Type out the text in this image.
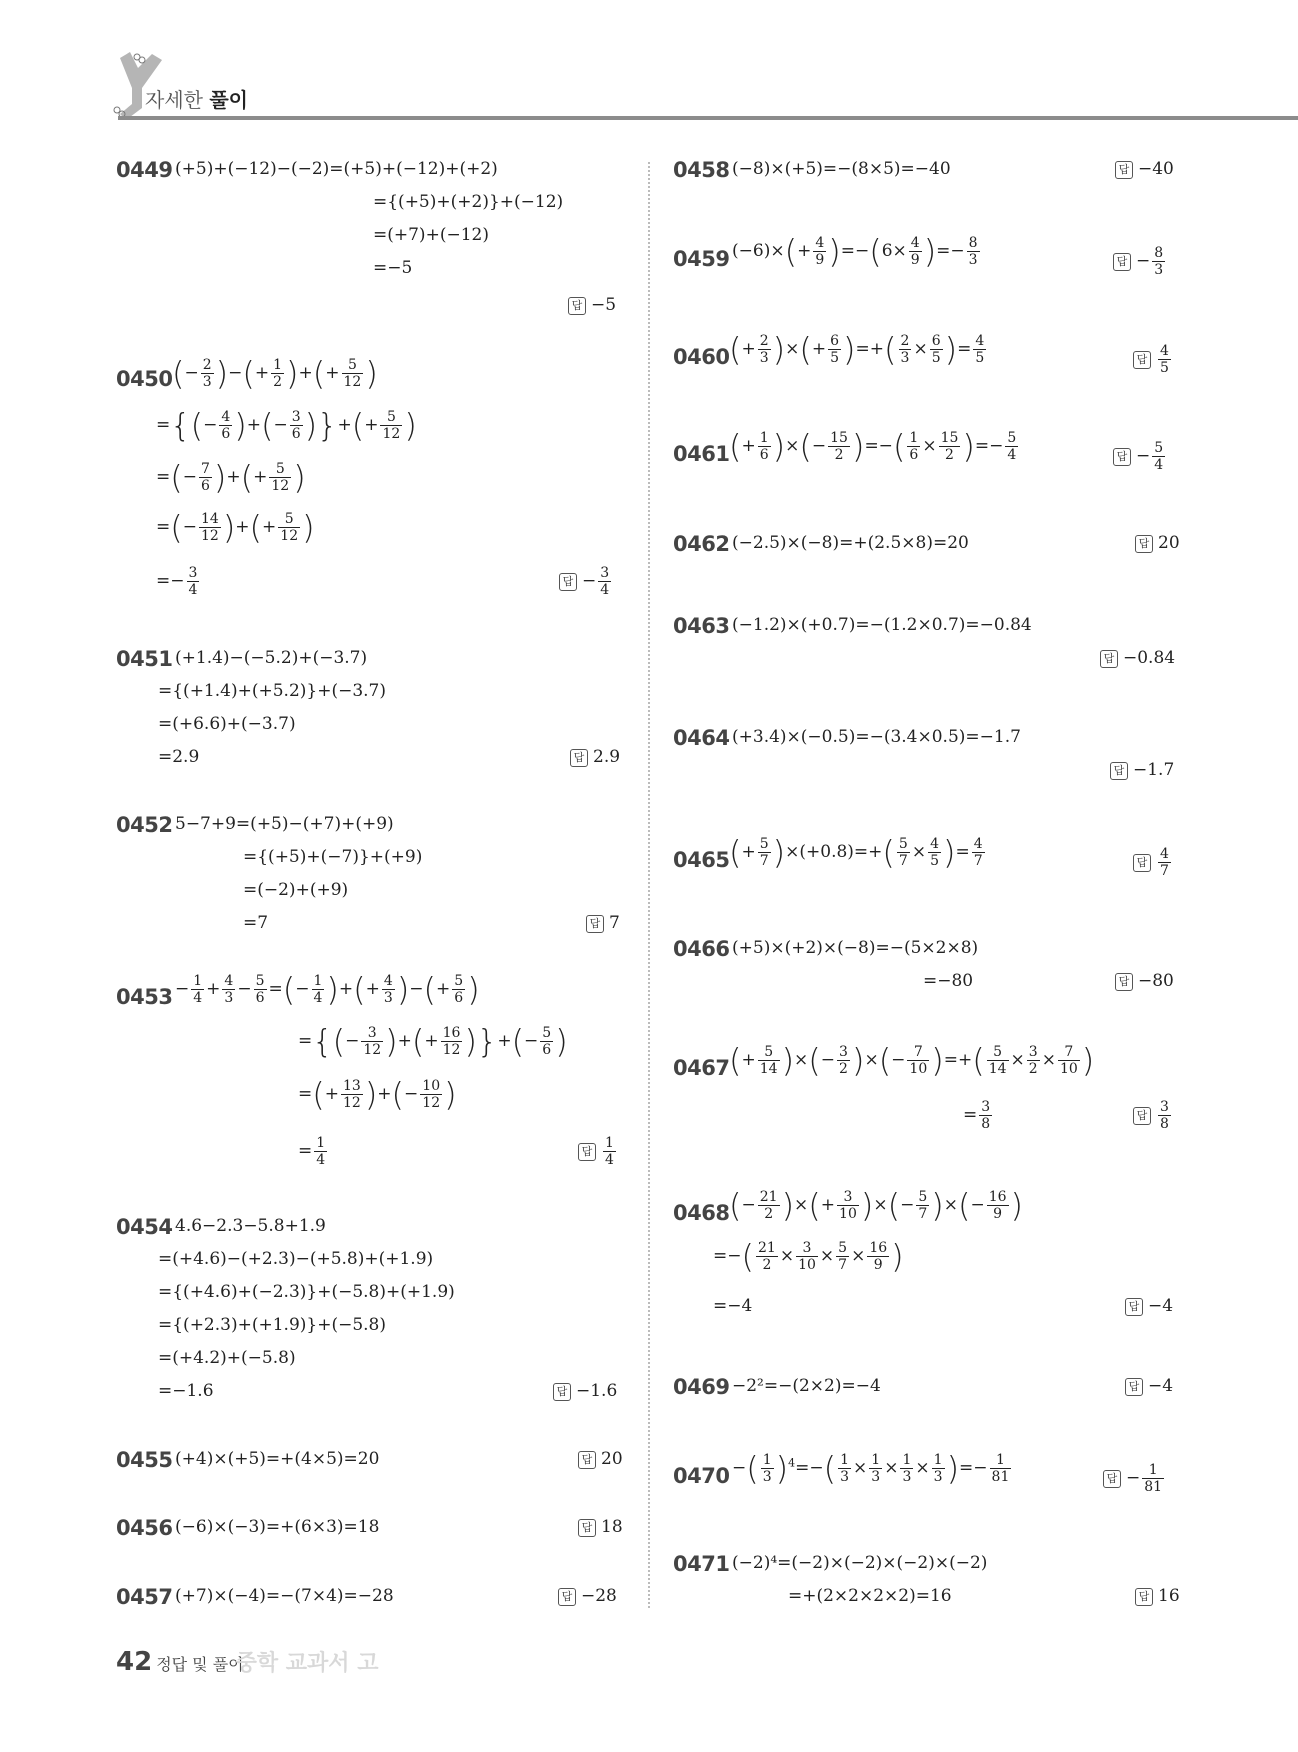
자세한 풀이
0449 (+5)+(−12)−(−2)=(+5)+(−12)+(+2)
={(+5)+(+2)}+(−12)
=(+7)+(−12)
=−5
답 −5
0450 (− $\frac{2}{3}$ )−(+ $\frac{1}{2}$ )+(+ $\frac{5}{12}$ )
={(− $\frac{4}{6}$ )+(− $\frac{3}{6}$ )}+(+ $\frac{5}{12}$ )
=(− $\frac{7}{6}$ )+(+ $\frac{5}{12}$ )
=(− $\frac{14}{12}$ )+(+ $\frac{5}{12}$ )
=− $\frac{3}{4}$	답 − $\frac{3}{4}$
0451 (+1.4)−(−5.2)+(−3.7)
={(+1.4)+(+5.2)}+(−3.7)
=(+6.6)+(−3.7)
=2.9	답 2.9
0452 5−7+9=(+5)−(+7)+(+9)
={(+5)+(−7)}+(+9)
=(−2)+(+9)
=7	답 7
$0453 - \frac{1}{4} + \frac{4}{3} - \frac{5}{6}$ =(− $\frac{1}{4}$ )+(+ $\frac{4}{3}$ )−(+ $\frac{5}{6}$ )
={(− $\frac{3}{12}$ )+(+ $\frac{16}{12}$ )}+(− $\frac{5}{6}$ )
=(+ $\frac{13}{12}$ )+(− $\frac{10}{12}$ )
= $\frac{1}{4}$	답 $\frac{1}{4}$
0454 4.6−2.3−5.8+1.9
=(+4.6)−(+2.3)−(+5.8)+(+1.9)
={(+4.6)+(−2.3)}+(−5.8)+(+1.9)
={(+2.3)+(+1.9)}+(−5.8)
=(+4.2)+(−5.8)
=−1.6	답 −1.6
0455 (+4)×(+5)=+(4×5)=20	답 20
0456 (−6)×(−3)=+(6×3)=18	답 18
0457 (+7)×(−4)=−(7×4)=−28	답 −28
0458 (−8)×(+5)=−(8×5)=−40	답 −40
0459 $(-6)\times(+ \frac{4}{9} )=-(6\times \frac{4}{9}$ )=− $\frac{8}{3}$	답 − $\frac{8}{3}$
0460 (+ $\frac{2}{3}$ )×(+ $\frac{6}{5}$ )=+( $\frac{2}{3} \times \frac{6}{5}$ )= $\frac{4}{5}$	답 $\frac{4}{5}$
0461 (+ $\frac{1}{6}$ )×(− $\frac{15}{2}$ )=−( $\frac{1}{6} \times \frac{15}{2}$ )=− $\frac{5}{4}$	답 − $\frac{5}{4}$
0462 (−2.5)×(−8)=+(2.5×8)=20	답 20
0463 (−1.2)×(+0.7)=−(1.2×0.7)=−0.84
답 −0.84
0464 (+3.4)×(−0.5)=−(3.4×0.5)=−1.7
답 −1.7
0465 (+ $\frac{5}{7} )\times(+0.8)=+( \frac{5}{7} \times \frac{4}{5}$ )= $\frac{4}{7}$	답 $\frac{4}{7}$
0466 (+5)×(+2)×(−8)=−(5×2×8)
=−80	답 −80
0467 (+ $\frac{5}{14}$ )×(− $\frac{3}{2}$ )×(− $\frac{7}{10}$ )=+( $\frac{5}{14} \times \frac{3}{2} \times \frac{7}{10}$ )
= $\frac{3}{8}$	답 $\frac{3}{8}$
0468 (− $\frac{21}{2}$ )×(+ $\frac{3}{10}$ )×(− $\frac{5}{7}$ )×(− $\frac{16}{9}$ )
=−( $\frac{21}{2} \times \frac{3}{10} \times \frac{5}{7} \times \frac{16}{9}$ )
=−4	답 −4
0469 −2²=−(2×2)=−4	답 −4
0470 −( $\frac{1}{3} )^4=-( \frac{1}{3} \times \frac{1}{3} \times \frac{1}{3} \times \frac{1}{3}$ )=− $\frac{1}{81}$	답 − $\frac{1}{81}$
0471 (−2)⁴=(−2)×(−2)×(−2)×(−2)
=+(2×2×2×2)=16	답 16
42 정답 및 풀이중학 교과서 고
